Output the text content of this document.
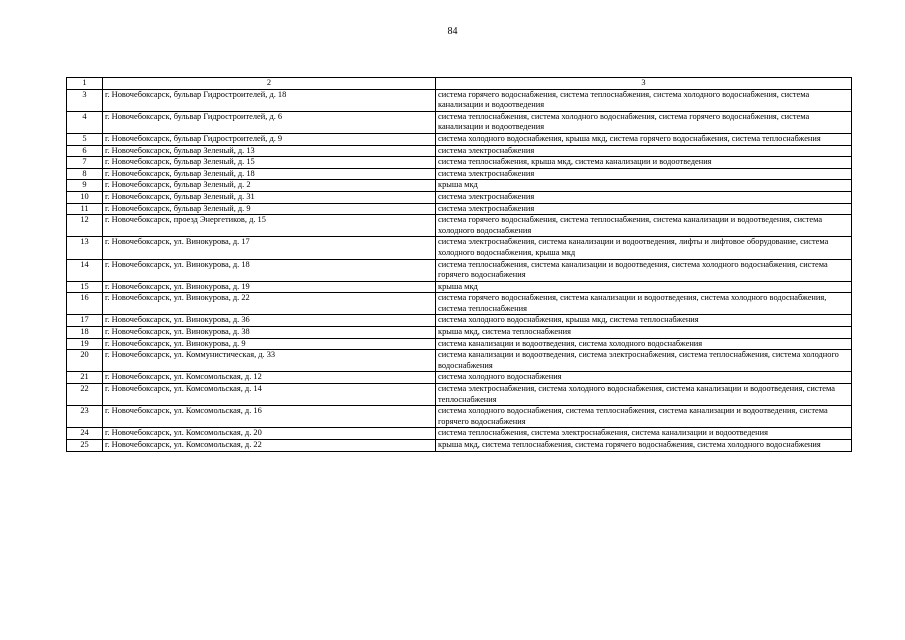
84
1	2	3
3	г. Новочебоксарск, бульвар Гидростроителей, д. 18	система горячего водоснабжения, система теплоснабжения, система холодного водоснабжения, система канализации и водоотведения
4	г. Новочебоксарск, бульвар Гидростроителей, д. 6	система теплоснабжения, система холодного водоснабжения, система горячего водоснабжения, система канализации и водоотведения
5	г. Новочебоксарск, бульвар Гидростроителей, д. 9	система холодного водоснабжения, крыша мкд, система горячего водоснабжения, система теплоснабжения
6	г. Новочебоксарск, бульвар Зеленый, д. 13	система электроснабжения
7	г. Новочебоксарск, бульвар Зеленый, д. 15	система теплоснабжения, крыша мкд, система канализации и водоотведения
8	г. Новочебоксарск, бульвар Зеленый, д. 18	система электроснабжения
9	г. Новочебоксарск, бульвар Зеленый, д. 2	крыша мкд
10	г. Новочебоксарск, бульвар Зеленый, д. 31	система электроснабжения
11	г. Новочебоксарск, бульвар Зеленый, д. 9	система электроснабжения
12	г. Новочебоксарск, проезд Энергетиков, д. 15	система горячего водоснабжения, система теплоснабжения, система канализации и водоотведения, система холодного водоснабжения
13	г. Новочебоксарск, ул. Винокурова, д. 17	система электроснабжения, система канализации и водоотведения, лифты и лифтовое оборудование, система холодного водоснабжения, крыша мкд
14	г. Новочебоксарск, ул. Винокурова, д. 18	система теплоснабжения, система канализации и водоотведения, система холодного водоснабжения, система горячего водоснабжения
15	г. Новочебоксарск, ул. Винокурова, д. 19	крыша мкд
16	г. Новочебоксарск, ул. Винокурова, д. 22	система горячего водоснабжения, система канализации и водоотведения, система холодного водоснабжения, система теплоснабжения
17	г. Новочебоксарск, ул. Винокурова, д. 36	система холодного водоснабжения, крыша мкд, система теплоснабжения
18	г. Новочебоксарск, ул. Винокурова, д. 38	крыша мкд, система теплоснабжения
19	г. Новочебоксарск, ул. Винокурова, д. 9	система канализации и водоотведения, система холодного водоснабжения
20	г. Новочебоксарск, ул. Коммунистическая, д. 33	система канализации и водоотведения, система электроснабжения, система теплоснабжения, система холодного водоснабжения
21	г. Новочебоксарск, ул. Комсомольская, д. 12	система холодного водоснабжения
22	г. Новочебоксарск, ул. Комсомольская, д. 14	система электроснабжения, система холодного водоснабжения, система канализации и водоотведения, система теплоснабжения
23	г. Новочебоксарск, ул. Комсомольская, д. 16	система холодного водоснабжения, система теплоснабжения, система канализации и водоотведения, система горячего водоснабжения
24	г. Новочебоксарск, ул. Комсомольская, д. 20	система теплоснабжения, система электроснабжения, система канализации и водоотведения
25	г. Новочебоксарск, ул. Комсомольская, д. 22	крыша мкд, система теплоснабжения, система горячего водоснабжения, система холодного водоснабжения
